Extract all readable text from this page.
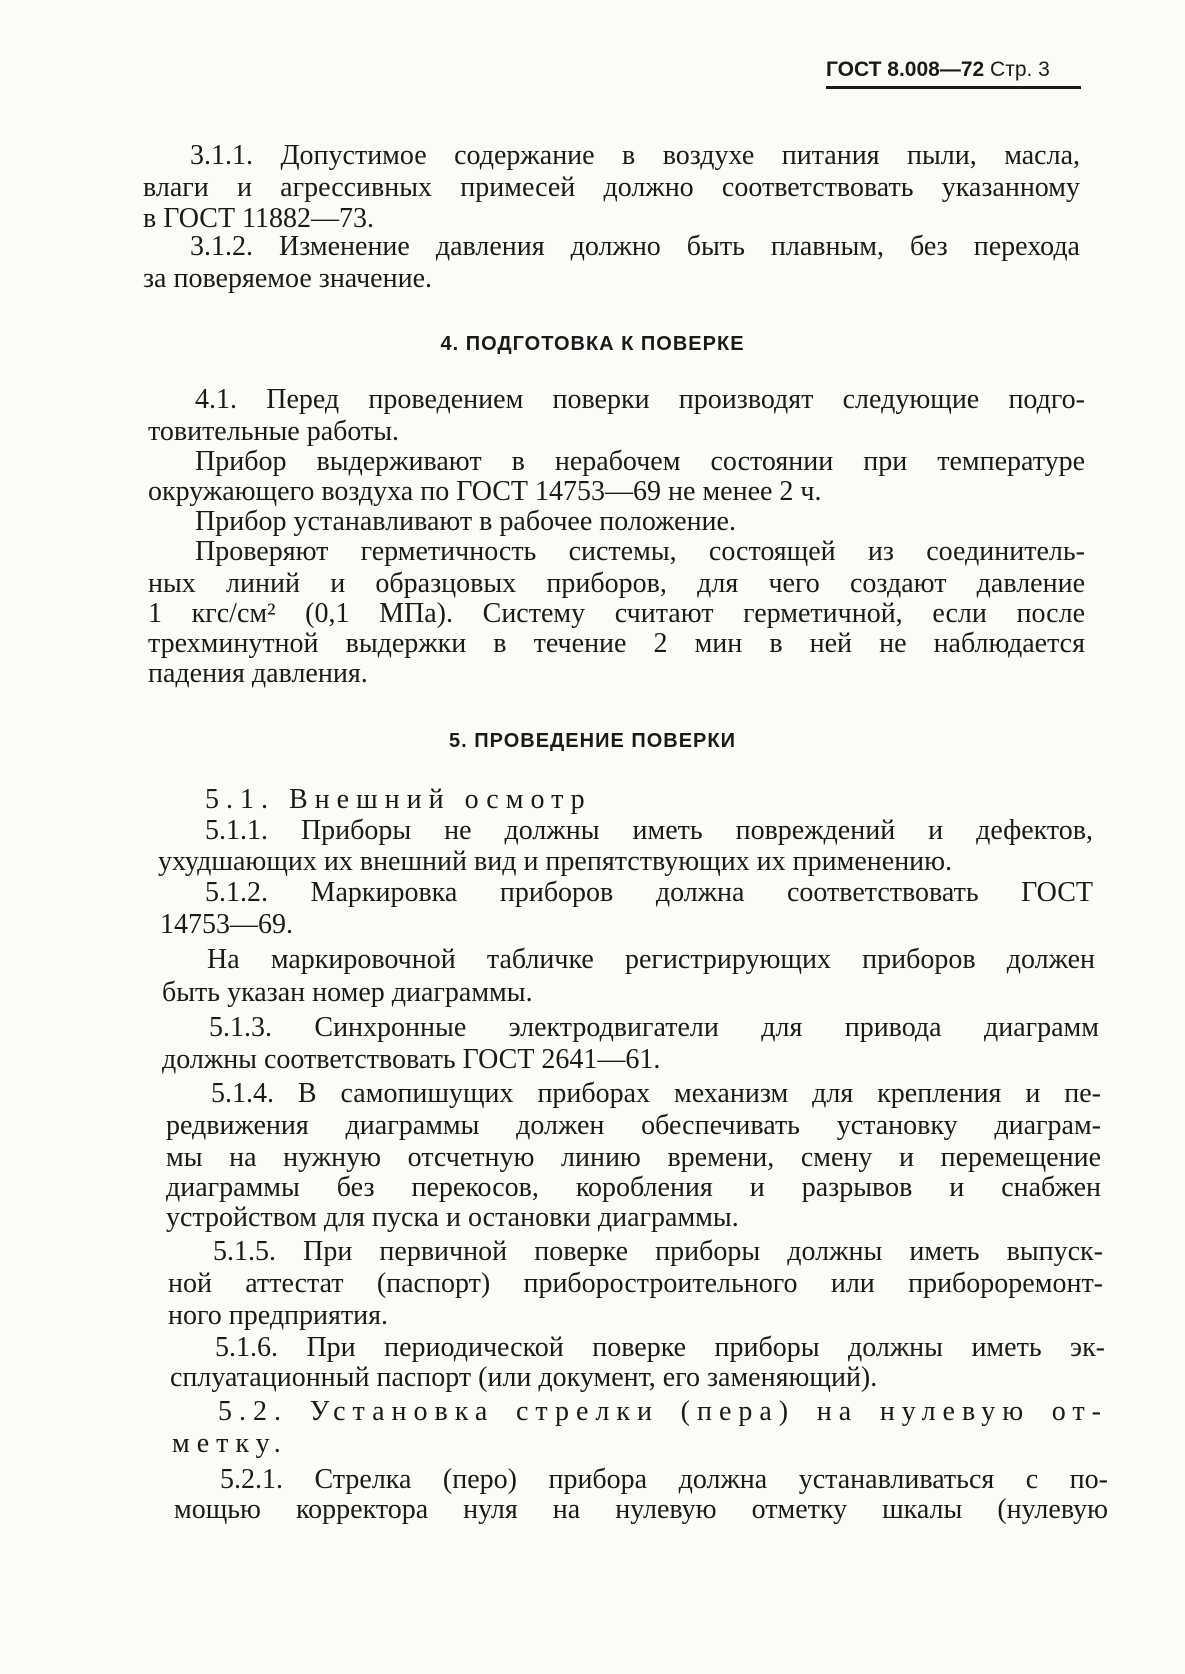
ГОСТ 8.008—72 Стр. 3
3.1.1. Допустимое содержание в воздухе питания пыли, масла,
влаги и агрессивных примесей должно соответствовать указанному
в ГОСТ 11882—73.
3.1.2. Изменение давления должно быть плавным, без перехода
за поверяемое значение.
4. ПОДГОТОВКА К ПОВЕРКЕ
4.1. Перед проведением поверки производят следующие подго-
товительные работы.
Прибор выдерживают в нерабочем состоянии при температуре
окружающего воздуха по ГОСТ 14753—69 не менее 2 ч.
Прибор устанавливают в рабочее положение.
Проверяют герметичность системы, состоящей из соединитель-
ных линий и образцовых приборов, для чего создают давление
1 кгс/см² (0,1 МПа). Систему считают герметичной, если после
трехминутной выдержки в течение 2 мин в ней не наблюдается
падения давления.
5. ПРОВЕДЕНИЕ ПОВЕРКИ
5.1. Внешний осмотр
5.1.1. Приборы не должны иметь повреждений и дефектов,
ухудшающих их внешний вид и препятствующих их применению.
5.1.2. Маркировка приборов должна соответствовать ГОСТ
14753—69.
На маркировочной табличке регистрирующих приборов должен
быть указан номер диаграммы.
5.1.3. Синхронные электродвигатели для привода диаграмм
должны соответствовать ГОСТ 2641—61.
5.1.4. В самопишущих приборах механизм для крепления и пе-
редвижения диаграммы должен обеспечивать установку диаграм-
мы на нужную отсчетную линию времени, смену и перемещение
диаграммы без перекосов, коробления и разрывов и снабжен
устройством для пуска и остановки диаграммы.
5.1.5. При первичной поверке приборы должны иметь выпуск-
ной аттестат (паспорт) приборостроительного или прибороремонт-
ного предприятия.
5.1.6. При периодической поверке приборы должны иметь эк-
сплуатационный паспорт (или документ, его заменяющий).
5.2. Установка стрелки (пера) на нулевую от-
метку.
5.2.1. Стрелка (перо) прибора должна устанавливаться с по-
мощью корректора нуля на нулевую отметку шкалы (нулевую
